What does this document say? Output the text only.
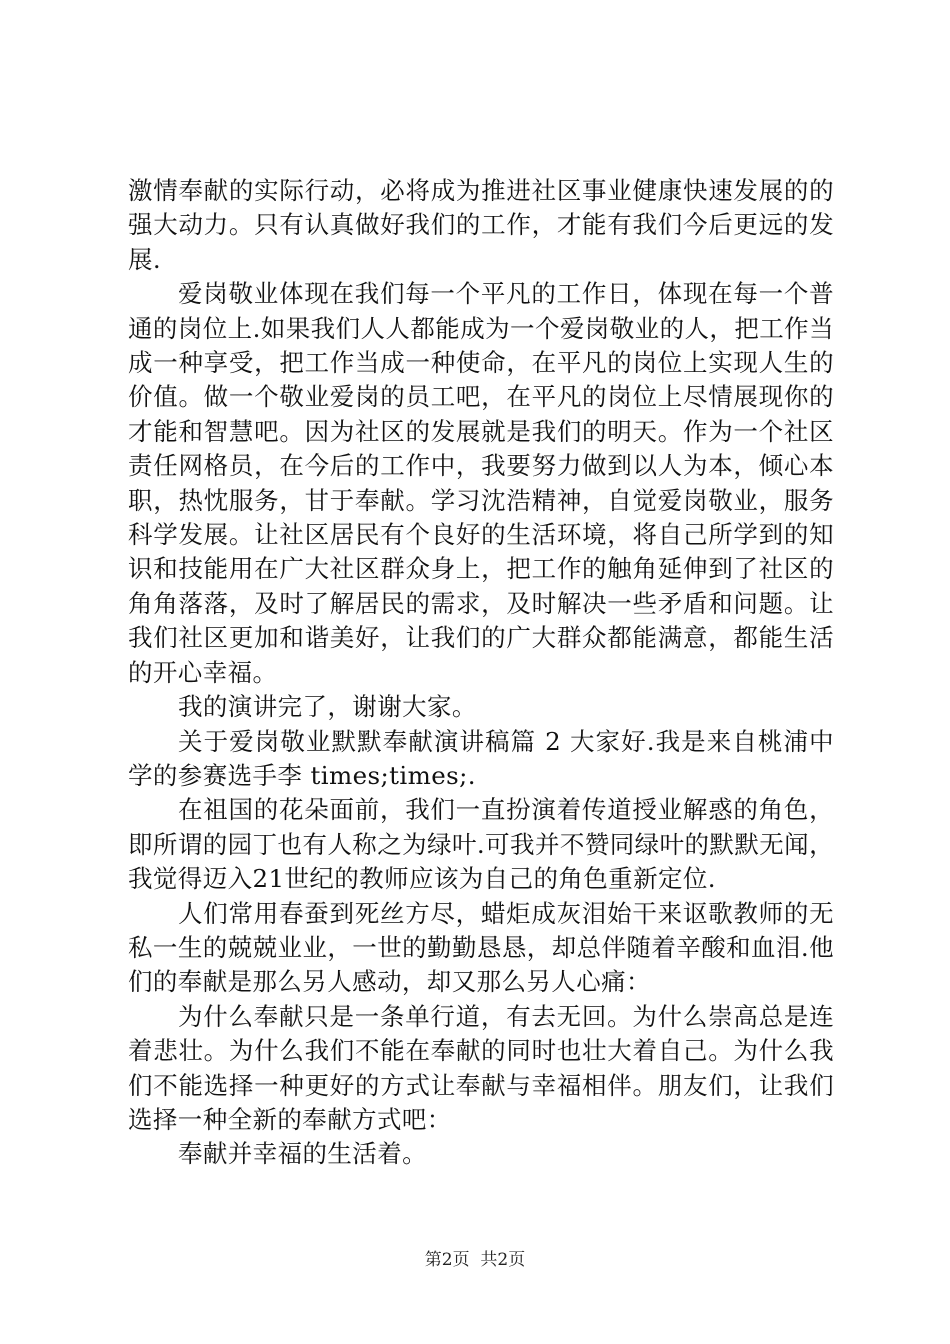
激情奉献的实际行动，必将成为推进社区事业健康快速发展的的强大动力。只有认真做好我们的工作，才能有我们今后更远的发展.

爱岗敬业体现在我们每一个平凡的工作日，体现在每一个普通的岗位上.如果我们人人都能成为一个爱岗敬业的人，把工作当成一种享受，把工作当成一种使命，在平凡的岗位上实现人生的价值。做一个敬业爱岗的员工吧，在平凡的岗位上尽情展现你的才能和智慧吧。因为社区的发展就是我们的明天。作为一个社区责任网格员，在今后的工作中，我要努力做到以人为本，倾心本职，热忱服务，甘于奉献。学习沈浩精神，自觉爱岗敬业，服务科学发展。让社区居民有个良好的生活环境，将自己所学到的知识和技能用在广大社区群众身上，把工作的触角延伸到了社区的角角落落，及时了解居民的需求，及时解决一些矛盾和问题。让我们社区更加和谐美好，让我们的广大群众都能满意，都能生活的开心幸福。

我的演讲完了，谢谢大家。

关于爱岗敬业默默奉献演讲稿篇 2 大家好.我是来自桃浦中学的参赛选手李 times;times;.

在祖国的花朵面前，我们一直扮演着传道授业解惑的角色，即所谓的园丁也有人称之为绿叶.可我并不赞同绿叶的默默无闻，我觉得迈入21世纪的教师应该为自己的角色重新定位.

人们常用春蚕到死丝方尽，蜡炬成灰泪始干来讴歌教师的无私一生的兢兢业业，一世的勤勤恳恳，却总伴随着辛酸和血泪.他们的奉献是那么另人感动，却又那么另人心痛：

为什么奉献只是一条单行道，有去无回。为什么崇高总是连着悲壮。为什么我们不能在奉献的同时也壮大着自己。为什么我们不能选择一种更好的方式让奉献与幸福相伴。朋友们，让我们选择一种全新的奉献方式吧：

奉献并幸福的生活着。

第2页  共2页
